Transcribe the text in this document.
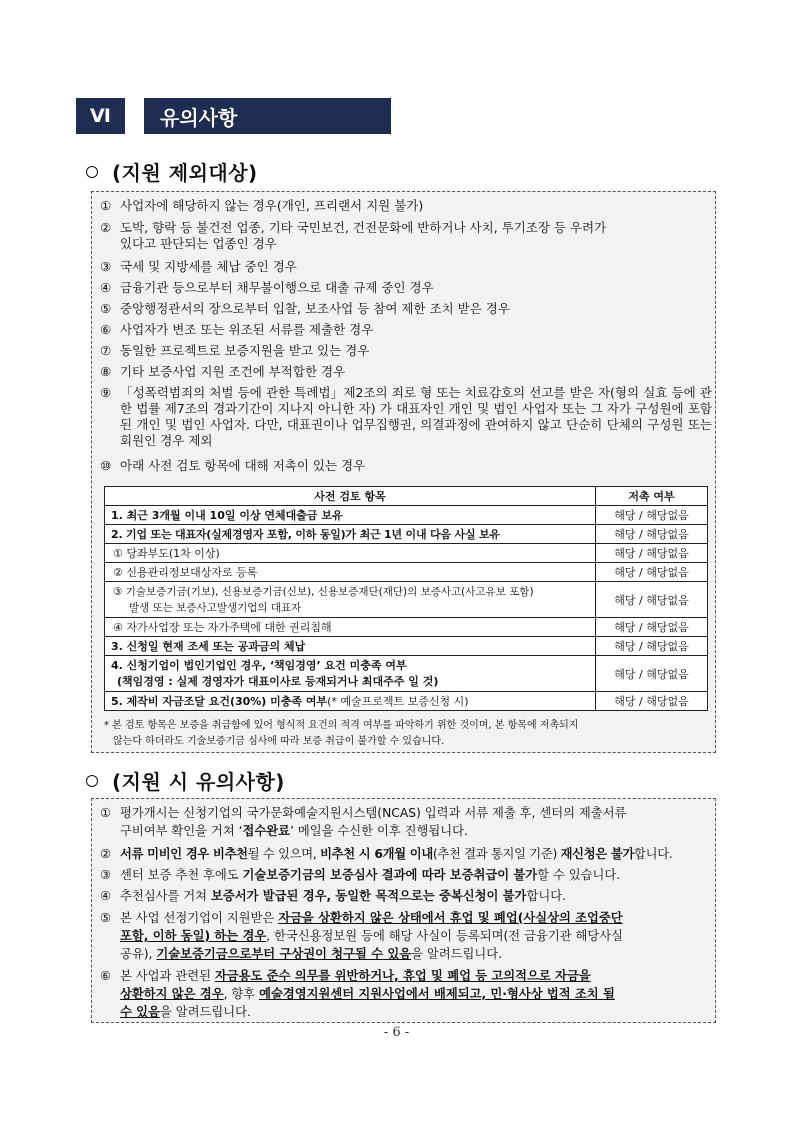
Ⅵ	유의사항
(지원 제외대상)
① 사업자에 해당하지 않는 경우(개인, 프리랜서 지원 불가)
② 도박, 향락 등 불건전 업종, 기타 국민보건, 건전문화에 반하거나 사치, 투기조장 등 우려가
있다고 판단되는 업종인 경우
③ 국세 및 지방세를 체납 중인 경우
④ 금융기관 등으로부터 채무불이행으로 대출 규제 중인 경우
⑤ 중앙행정관서의 장으로부터 입찰, 보조사업 등 참여 제한 조치 받은 경우
⑥ 사업자가 변조 또는 위조된 서류를 제출한 경우
⑦ 동일한 프로젝트로 보증지원을 받고 있는 경우
⑧ 기타 보증사업 지원 조건에 부적합한 경우
⑨ 「성폭력범죄의 처벌 등에 관한 특례법」제2조의 죄로 형 또는 치료감호의 선고를 받은 자(형의 실효 등에 관한 법률 제7조의 경과기간이 지나지 아니한 자) 가 대표자인 개인 및 법인 사업자 또는 그 자가 구성원에 포함된 개인 및 법인 사업자. 다만, 대표권이나 업무집행권, 의결과정에 관여하지 않고 단순히 단체의 구성원 또는 회원인 경우 제외
⑩ 아래 사전 검토 항목에 대해 저촉이 있는 경우
사전 검토 항목	저촉 여부
1. 최근 3개월 이내 10일 이상 연체대출금 보유	해당 / 해당없음
2. 기업 또는 대표자(실제경영자 포함, 이하 동일)가 최근 1년 이내 다음 사실 보유	해당 / 해당없음
① 당좌부도(1차 이상)	해당 / 해당없음
② 신용관리정보대상자로 등록	해당 / 해당없음
③ 기술보증기금(기보), 신용보증기금(신보), 신용보증재단(재단)의 보증사고(사고유보 포함)
발생 또는 보증사고발생기업의 대표자	해당 / 해당없음
④ 자가사업장 또는 자가주택에 대한 권리침해	해당 / 해당없음
3. 신청일 현재 조세 또는 공과금의 체납	해당 / 해당없음
4. 신청기업이 법인기업인 경우, ‘책임경영’ 요건 미충족 여부
(책임경영 : 실제 경영자가 대표이사로 등재되거나 최대주주 일 것)	해당 / 해당없음
5. 제작비 자금조달 요건(30%) 미충족 여부(* 예술프로젝트 보증신청 시)	해당 / 해당없음
* 본 검토 항목은 보증을 취급함에 있어 형식적 요건의 적격 여부를 파악하기 위한 것이며, 본 항목에 저촉되지
않는다 하더라도 기술보증기금 심사에 따라 보증 취급이 불가할 수 있습니다.
(지원 시 유의사항)
① 평가개시는 신청기업의 국가문화예술지원시스템(NCAS) 입력과 서류 제출 후, 센터의 제출서류
구비여부 확인을 거쳐 ‘접수완료’ 메일을 수신한 이후 진행됩니다.
② 서류 미비인 경우 비추천될 수 있으며, 비추천 시 6개월 이내(추천 결과 통지일 기준) 재신청은 불가합니다.
③ 센터 보증 추천 후에도 기술보증기금의 보증심사 결과에 따라 보증취급이 불가할 수 있습니다.
④ 추천심사를 거쳐 보증서가 발급된 경우, 동일한 목적으로는 중복신청이 불가합니다.
⑤ 본 사업 선정기업이 지원받은 자금을 상환하지 않은 상태에서 휴업 및 폐업(사실상의 조업중단
포함, 이하 동일) 하는 경우, 한국신용정보원 등에 해당 사실이 등록되며(전 금융기관 해당사실
공유), 기술보증기금으로부터 구상권이 청구될 수 있음을 알려드립니다.
⑥ 본 사업과 관련된 자금용도 준수 의무를 위반하거나, 휴업 및 폐업 등 고의적으로 자금을
상환하지 않은 경우, 향후 예술경영지원센터 지원사업에서 배제되고, 민·형사상 법적 조치 될
수 있음을 알려드립니다.
- 6 -
